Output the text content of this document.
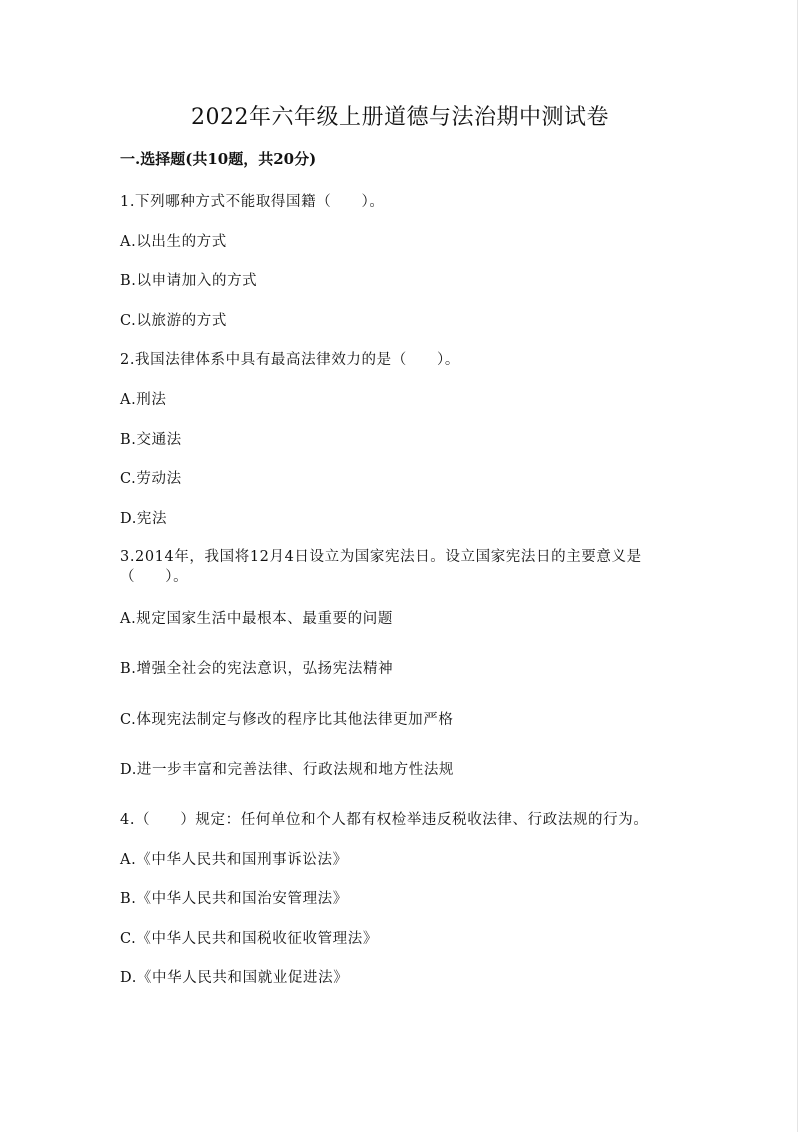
2022年六年级上册道德与法治期中测试卷
一.选择题(共10题，共20分)
1.下列哪种方式不能取得国籍（　　）。
A.以出生的方式
B.以申请加入的方式
C.以旅游的方式
2.我国法律体系中具有最高法律效力的是（　　）。
A.刑法
B.交通法
C.劳动法
D.宪法
3.2014年，我国将12月4日设立为国家宪法日。设立国家宪法日的主要意义是（　　）。
A.规定国家生活中最根本、最重要的问题
B.增强全社会的宪法意识，弘扬宪法精神
C.体现宪法制定与修改的程序比其他法律更加严格
D.进一步丰富和完善法律、行政法规和地方性法规
4.（　　）规定：任何单位和个人都有权检举违反税收法律、行政法规的行为。
A.《中华人民共和国刑事诉讼法》
B.《中华人民共和国治安管理法》
C.《中华人民共和国税收征收管理法》
D.《中华人民共和国就业促进法》
